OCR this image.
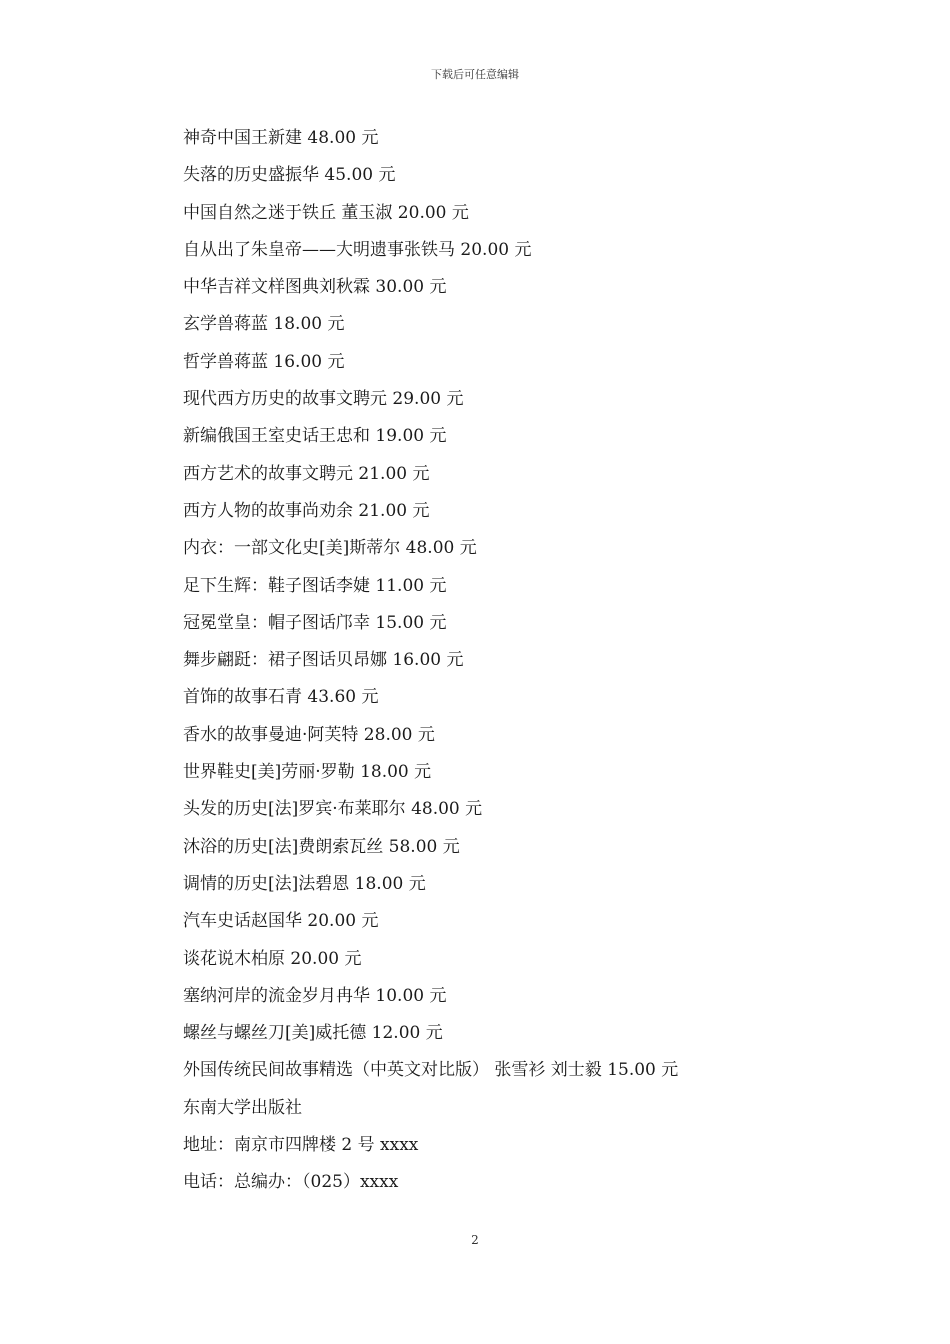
下载后可任意编辑
神奇中国王新建 48.00 元
失落的历史盛振华 45.00 元
中国自然之迷于铁丘 董玉淑 20.00 元
自从出了朱皇帝——大明遗事张铁马 20.00 元
中华吉祥文样图典刘秋霖 30.00 元
玄学兽蒋蓝 18.00 元
哲学兽蒋蓝 16.00 元
现代西方历史的故事文聘元 29.00 元
新编俄国王室史话王忠和 19.00 元
西方艺术的故事文聘元 21.00 元
西方人物的故事尚劝余 21.00 元
内衣：一部文化史[美]斯蒂尔 48.00 元
足下生辉：鞋子图话李婕 11.00 元
冠冕堂皇：帽子图话邝幸 15.00 元
舞步翩跹：裙子图话贝昂娜 16.00 元
首饰的故事石青 43.60 元
香水的故事曼迪·阿芙特 28.00 元
世界鞋史[美]劳丽·罗勒 18.00 元
头发的历史[法]罗宾·布莱耶尔 48.00 元
沐浴的历史[法]费朗索瓦丝 58.00 元
调情的历史[法]法碧恩 18.00 元
汽车史话赵国华 20.00 元
谈花说木柏原 20.00 元
塞纳河岸的流金岁月冉华 10.00 元
螺丝与螺丝刀[美]威托德 12.00 元
外国传统民间故事精选（中英文对比版） 张雪衫 刘士毅 15.00 元
东南大学出版社
地址：南京市四牌楼 2 号 xxxx
电话：总编办：（025）xxxx
2
